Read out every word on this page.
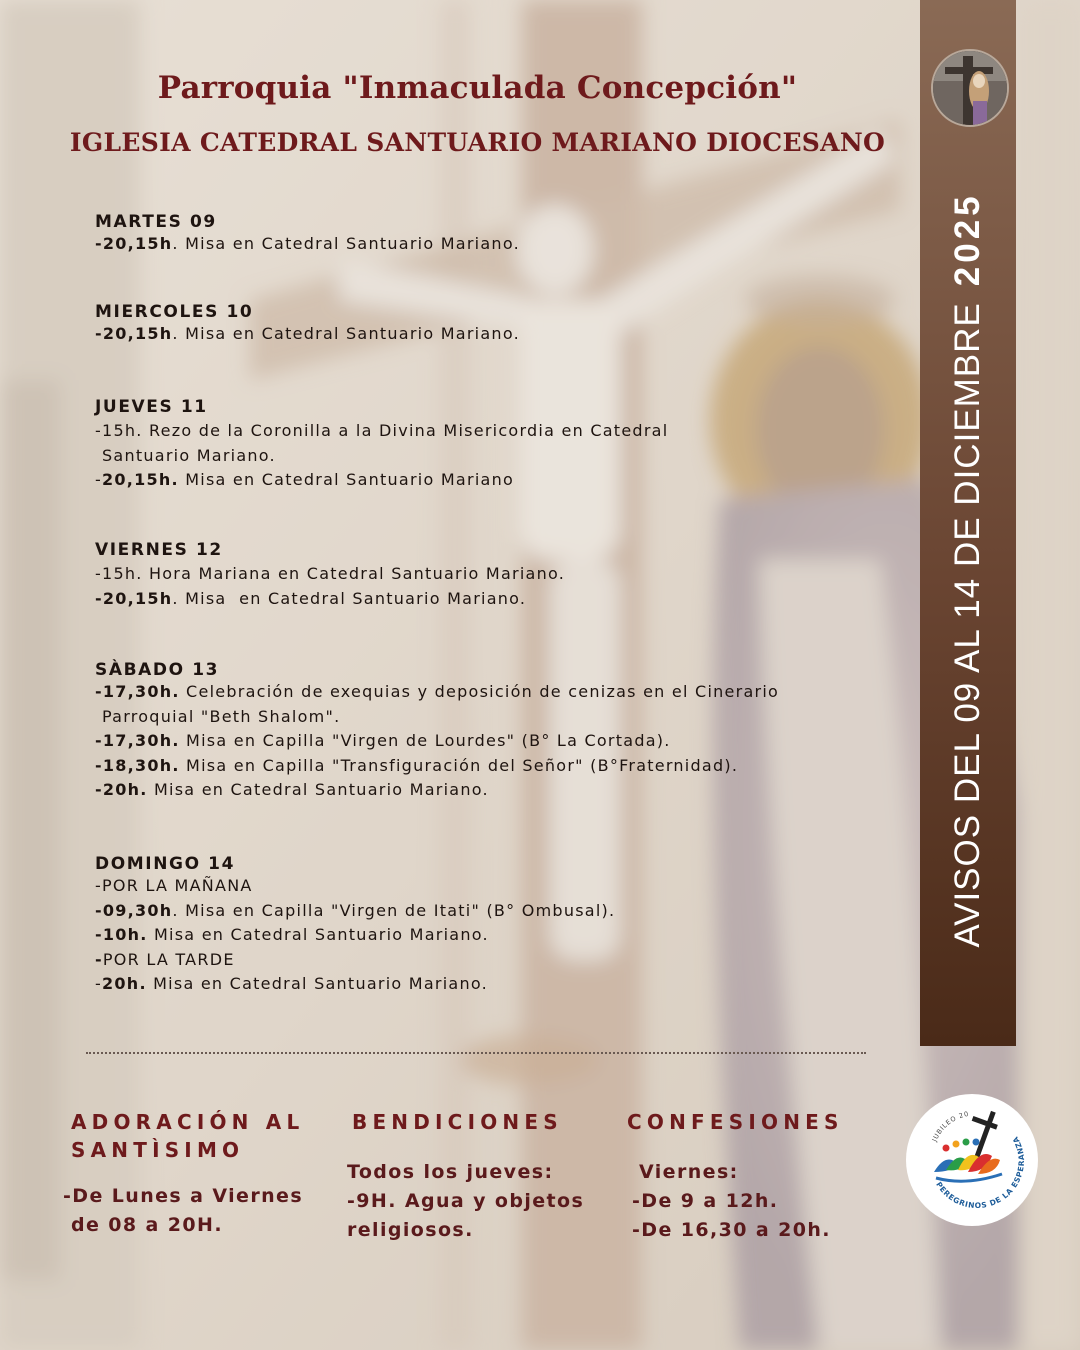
Parroquia "Inmaculada Concepción"
IGLESIA CATEDRAL SANTUARIO MARIANO DIOCESANO
MARTES 09
-20,15h. Misa en Catedral Santuario Mariano.
MIERCOLES 10
-20,15h. Misa en Catedral Santuario Mariano.
JUEVES 11
-15h. Rezo de la Coronilla a la Divina Misericordia en Catedral
Santuario Mariano.
-20,15h. Misa en Catedral Santuario Mariano
VIERNES 12
-15h. Hora Mariana en Catedral Santuario Mariano.
-20,15h. Misa  en Catedral Santuario Mariano.
SÀBADO 13
-17,30h. Celebración de exequias y deposición de cenizas en el Cinerario
Parroquial "Beth Shalom".
-17,30h. Misa en Capilla "Virgen de Lourdes" (B° La Cortada).
-18,30h. Misa en Capilla "Transfiguración del Señor" (B°Fraternidad).
-20h. Misa en Catedral Santuario Mariano.
DOMINGO 14
-POR LA MAÑANA
-09,30h. Misa en Capilla "Virgen de Itati" (B° Ombusal).
-10h. Misa en Catedral Santuario Mariano.
-POR LA TARDE
-20h. Misa en Catedral Santuario Mariano.
AVISOS DEL 09 AL 14 DE DICIEMBRE2025
ADORACIÓN AL
SANTÌSIMO
-De Lunes a Viernes
de 08 a 20H.
BENDICIONES
Todos los jueves:
-9H. Agua y objetos
religiosos.
CONFESIONES
Viernes:
-De 9 a 12h.
-De 16,30 a 20h.
JUBILEO 20
PEREGRINOS DE LA ESPERANZA
